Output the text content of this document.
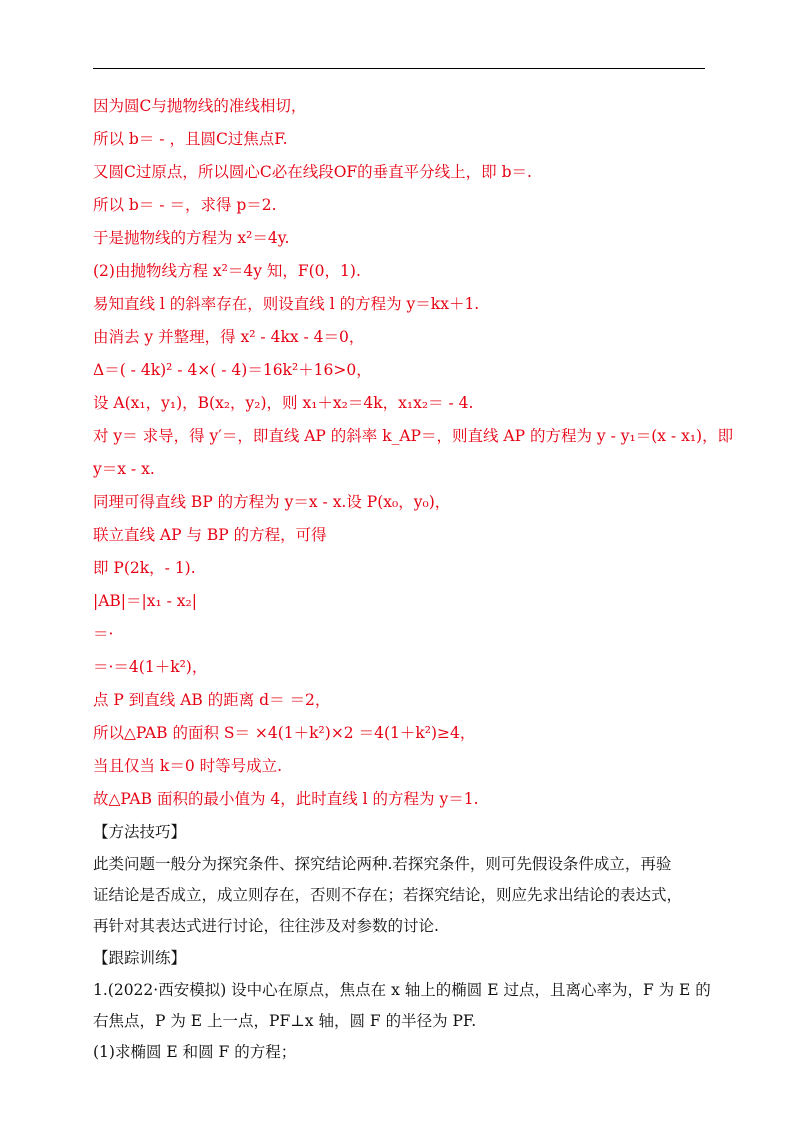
因为圆C与抛物线的准线相切，
所以 b＝ - ，且圆C过焦点F.
又圆C过原点，所以圆心C必在线段OF的垂直平分线上，即 b＝.
所以 b＝ - ＝，求得 p＝2.
于是抛物线的方程为 x²＝4y.
(2)由抛物线方程 x²＝4y 知，F(0，1).
易知直线 l 的斜率存在，则设直线 l 的方程为 y＝kx＋1.
由消去 y 并整理，得 x² - 4kx - 4＝0，
Δ＝( - 4k)² - 4×( - 4)＝16k²＋16>0，
设 A(x₁，y₁)，B(x₂，y₂)，则 x₁＋x₂＝4k，x₁x₂＝ - 4.
对 y＝ 求导，得 y′＝，即直线 AP 的斜率 k_AP＝，则直线 AP 的方程为 y - y₁＝(x - x₁)，即
y＝x - x.
同理可得直线 BP 的方程为 y＝x - x.设 P(x₀，y₀)，
联立直线 AP 与 BP 的方程，可得
即 P(2k，- 1).
|AB|＝|x₁ - x₂|
＝·
＝·＝4(1＋k²)，
点 P 到直线 AB 的距离 d＝ ＝2，
所以△PAB 的面积 S＝ ×4(1＋k²)×2 ＝4(1＋k²)≥4，
当且仅当 k＝0 时等号成立.
故△PAB 面积的最小值为 4，此时直线 l 的方程为 y＝1.
【方法技巧】
此类问题一般分为探究条件、探究结论两种.若探究条件，则可先假设条件成立，再验
证结论是否成立，成立则存在，否则不存在；若探究结论，则应先求出结论的表达式，
再针对其表达式进行讨论，往往涉及对参数的讨论.
【跟踪训练】
1.(2022·西安模拟) 设中心在原点，焦点在 x 轴上的椭圆 E 过点，且离心率为，F 为 E 的
右焦点，P 为 E 上一点，PF⊥x 轴，圆 F 的半径为 PF.
(1)求椭圆 E 和圆 F 的方程；
